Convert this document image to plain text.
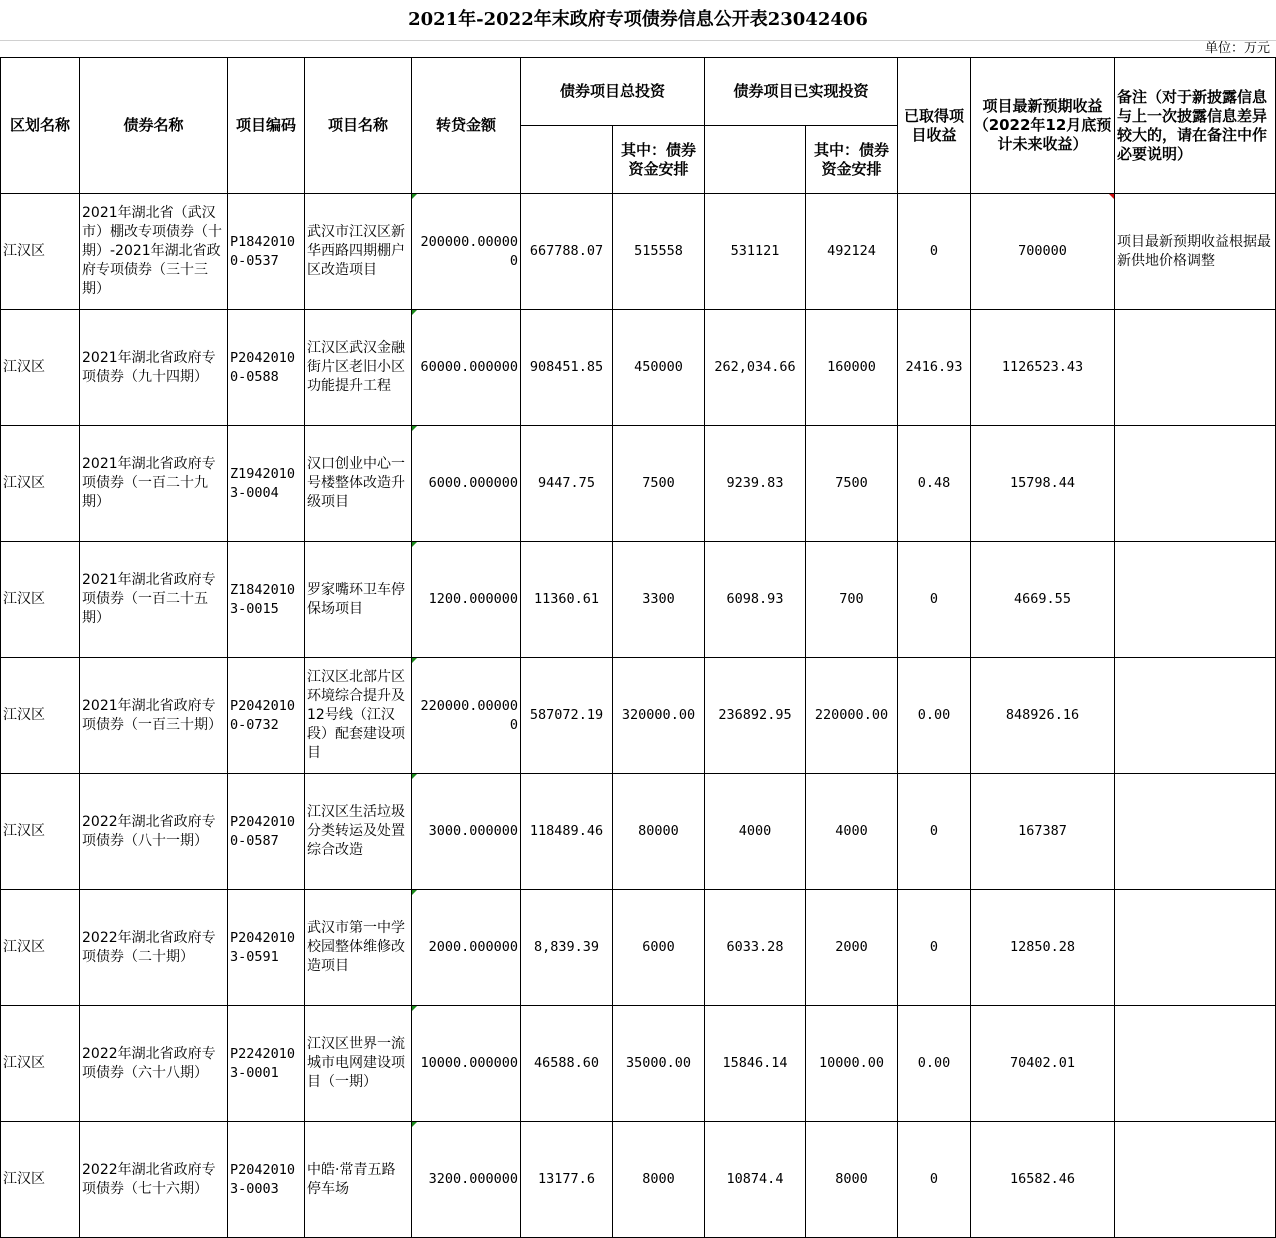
2021年-2022年末政府专项债券信息公开表23042406
单位：万元
区划名称	债券名称	项目编码	项目名称	转贷金额	债券项目总投资		债券项目已实现投资		已取得项目收益	项目最新预期收益（2022年12月底预计未来收益）	备注（对于新披露信息与上一次披露信息差异较大的，请在备注中作必要说明）
						其中：债券资金安排		其中：债券资金安排			
江汉区	2021年湖北省（武汉市）棚改专项债券（十期）-2021年湖北省政府专项债券（三十三期）	P18420100-0537	武汉市江汉区新华西路四期棚户区改造项目	200000.000000	667788.07	515558	531121	492124	0	700000	项目最新预期收益根据最新供地价格调整
江汉区	2021年湖北省政府专项债券（九十四期）	P20420100-0588	江汉区武汉金融街片区老旧小区功能提升工程	60000.000000	908451.85	450000	262,034.66	160000	2416.93	1126523.43	
江汉区	2021年湖北省政府专项债券（一百二十九期）	Z19420103-0004	汉口创业中心一号楼整体改造升级项目	6000.000000	9447.75	7500	9239.83	7500	0.48	15798.44	
江汉区	2021年湖北省政府专项债券（一百二十五期）	Z18420103-0015	罗家嘴环卫车停保场项目	1200.000000	11360.61	3300	6098.93	700	0	4669.55	
江汉区	2021年湖北省政府专项债券（一百三十期）	P20420100-0732	江汉区北部片区环境综合提升及12号线（江汉段）配套建设项目	220000.000000	587072.19	320000.00	236892.95	220000.00	0.00	848926.16	
江汉区	2022年湖北省政府专项债券（八十一期）	P20420100-0587	江汉区生活垃圾分类转运及处置综合改造	3000.000000	118489.46	80000	4000	4000	0	167387	
江汉区	2022年湖北省政府专项债券（二十期）	P20420103-0591	武汉市第一中学校园整体维修改造项目	2000.000000	8,839.39	6000	6033.28	2000	0	12850.28	
江汉区	2022年湖北省政府专项债券（六十八期）	P22420103-0001	江汉区世界一流城市电网建设项目（一期）	10000.000000	46588.60	35000.00	15846.14	10000.00	0.00	70402.01	
江汉区	2022年湖北省政府专项债券（七十六期）	P20420103-0003	中皓·常青五路停车场	3200.000000	13177.6	8000	10874.4	8000	0	16582.46	
